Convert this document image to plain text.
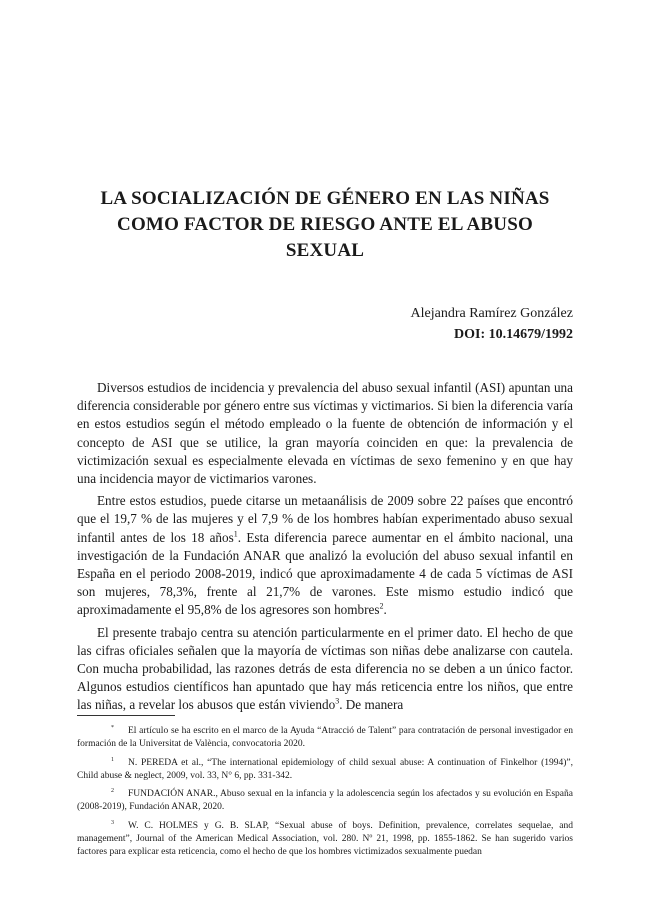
LA SOCIALIZACIÓN DE GÉNERO EN LAS NIÑAS COMO FACTOR DE RIESGO ANTE EL ABUSO SEXUAL
Alejandra Ramírez González
DOI: 10.14679/1992

Diversos estudios de incidencia y prevalencia del abuso sexual infantil (ASI) apuntan una diferencia considerable por género entre sus víctimas y victimarios. Si bien la diferencia varía en estos estudios según el método empleado o la fuente de obtención de información y el concepto de ASI que se utilice, la gran mayoría coinciden en que: la prevalencia de victimización sexual es especialmente elevada en víctimas de sexo femenino y en que hay una incidencia mayor de victimarios varones.

Entre estos estudios, puede citarse un metaanálisis de 2009 sobre 22 países que encontró que el 19,7 % de las mujeres y el 7,9 % de los hombres habían experimentado abuso sexual infantil antes de los 18 años$^1$. Esta diferencia parece aumentar en el ámbito nacional, una investigación de la Fundación ANAR que analizó la evolución del abuso sexual infantil en España en el periodo 2008-2019, indicó que aproximadamente 4 de cada 5 víctimas de ASI son mujeres, 78,3%, frente al 21,7% de varones. Este mismo estudio indicó que aproximadamente el 95,8% de los agresores son hombres$^2$.

El presente trabajo centra su atención particularmente en el primer dato. El hecho de que las cifras oficiales señalen que la mayoría de víctimas son niñas debe analizarse con cautela. Con mucha probabilidad, las razones detrás de esta diferencia no se deben a un único factor. Algunos estudios científicos han apuntado que hay más reticencia entre los niños, que entre las niñas, a revelar los abusos que están viviendo$^3$. De manera

* El artículo se ha escrito en el marco de la Ayuda “Atracció de Talent” para contratación de personal investigador en formación de la Universitat de València, convocatoria 2020.

$^1$ N. PEREDA et al., “The international epidemiology of child sexual abuse: A continuation of Finkelhor (1994)”, Child abuse & neglect, 2009, vol. 33, N° 6, pp. 331-342.

$^2$ FUNDACIÓN ANAR., Abuso sexual en la infancia y la adolescencia según los afectados y su evolución en España (2008-2019), Fundación ANAR, 2020.

$^3$ W. C. HOLMES y G. B. SLAP, “Sexual abuse of boys. Definition, prevalence, correlates sequelae, and management”, Journal of the American Medical Association, vol. 280. Nº 21, 1998, pp. 1855-1862. Se han sugerido varios factores para explicar esta reticencia, como el hecho de que los hombres victimizados sexualmente puedan
